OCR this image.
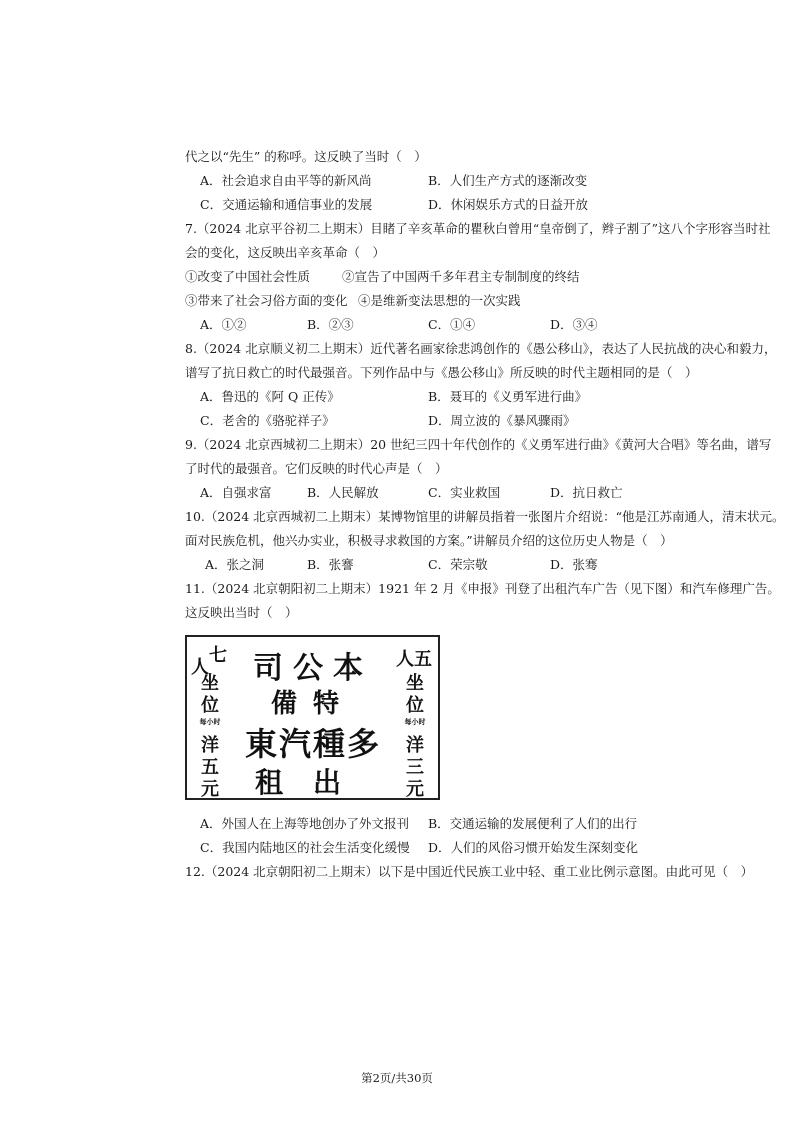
代之以“先生” 的称呼。这反映了当时（　）
A．社会追求自由平等的新风尚	B．人们生产方式的逐渐改变
C．交通运输和通信事业的发展	D．休闲娱乐方式的日益开放
7.（2024 北京平谷初二上期末）目睹了辛亥革命的瞿秋白曾用“皇帝倒了，辫子割了”这八个字形容当时社
会的变化，这反映出辛亥革命（　）
①改变了中国社会性质	②宣告了中国两千多年君主专制制度的终结
③带来了社会习俗方面的变化 ④是维新变法思想的一次实践
A．①②	B．②③	C．①④	D．③④
8.（2024 北京顺义初二上期末）近代著名画家徐悲鸿创作的《愚公移山》，表达了人民抗战的决心和毅力，
谱写了抗日救亡的时代最强音。下列作品中与《愚公移山》所反映的时代主题相同的是（　）
A．鲁迅的《阿 Q 正传》	B．聂耳的《义勇军进行曲》
C．老舍的《骆驼祥子》	D．周立波的《暴风骤雨》
9.（2024 北京西城初二上期末）20 世纪三四十年代创作的《义勇军进行曲》《黄河大合唱》等名曲，谱写
了时代的最强音。它们反映的时代心声是（　）
A．自强求富	B．人民解放	C．实业救国	D．抗日救亡
10.（2024 北京西城初二上期末）某博物馆里的讲解员指着一张图片介绍说：“他是江苏南通人，清末状元。
面对民族危机，他兴办实业，积极寻求救国的方案。”讲解员介绍的这位历史人物是（　）
A．张之洞	B．张謇	C．荣宗敬	D．张骞
11.（2024 北京朝阳初二上期末）1921 年 2 月《申报》刊登了出租汽车广告（见下图）和汽车修理广告。
这反映出当时（　）
人
七
坐
位
每小时
洋
五
元
司公本
備特
東汽種多
租出
人 五
坐
位
每小时
洋
三
元
A．外国人在上海等地创办了外文报刊 B．交通运输的发展便利了人们的出行
C．我国内陆地区的社会生活变化缓慢 D．人们的风俗习惯开始发生深刻变化
12.（2024 北京朝阳初二上期末）以下是中国近代民族工业中轻、重工业比例示意图。由此可见（　）
第2页/共30页
